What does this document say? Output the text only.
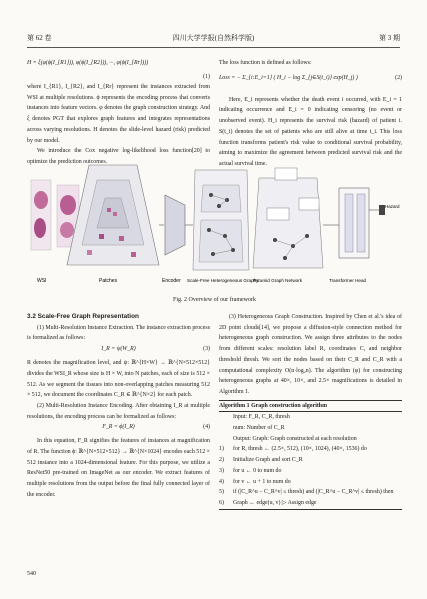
第 62 卷	四川大学学报(自然科学版)	第 3 期
H = ξ(φ(ϕ(I_{R1})), φ(ϕ(I_{R2})), ···, φ(ϕ(I_{Rr})))
(1)

where I_{R1}, I_{R2}, and I_{Rr} represent the instances extracted from WSI at multiple resolutions. ϕ represents the encoding process that converts instances into feature vectors. φ denotes the graph construction strategy. And ξ denotes PGT that explores graph features and integrates representations across varying resolutions. H denotes the slide-level hazard (risk) predicted by our model.

We introduce the Cox negative log-likelihood loss function[20] to optimize the prediction outcomes.

The loss function is defined as follows:

Loss = − Σ_{i:E_i=1} ( H_i − log Σ_{j∈S(t_i)} exp(H_j) )	(2)

Here, E_i represents whether the death event i occurred, with E_i = 1 indicating occurrence and E_i = 0 indicating censoring (no event or unobserved event). H_i represents the survival risk (hazard) of patient i. S(t_i) denotes the set of patients who are still alive at time t_i. This loss function transforms patient's risk value to conditional survival probability, aiming to maximize the agreement between predicted survival risk and the actual survival time.

WSI	Patches	Encoder Scale-Free Heterogeneous Graphs
Pyramid Graph Network	Transformer Head
Hazard
Fig. 2 Overview of our framework

3.2 Scale-Free Graph Representation

(1) Multi-Resolution Instance Extraction. The instance extraction process is formalized as follows:

I_R = ψ(W_R)	(3)

R denotes the magnification level, and ψ: ℝ^{H×W} → ℝ^{N×512×512} divides the WSI_R whose size is H × W, into N patches, each of size is 512 × 512. As we segment the tissues into non-overlapping patches measuring 512 × 512, we document the coordinates C_R ∈ ℝ^{N×2} for each patch.

(2) Multi-Resolution Instance Encoding. After obtaining I_R at multiple resolutions, the encoding process can be formalized as follows:

F_R = ϕ(I_R)	(4)

In this equation, F_R signifies the features of instances at magnification of R. The function ϕ: ℝ^{N×512×512} → ℝ^{N×1024} encodes each 512 × 512 instance into a 1024-dimensional feature. For this purpose, we utilize a ResNet50 pre-trained on ImageNet as our encoder. We extract features of multiple resolutions from the output before the final fully connected layer of the encoder.

(3) Heterogeneous Graph Construction. Inspired by Chen et al.'s idea of 2D point clouds[14], we propose a diffusion-style connection method for heterogeneous graph construction. We assign three attributes to the nodes from different scales: resolution label R, coordinates C, and neighbor threshold thresh. We sort the nodes based on their C_R and C_R with a computational complexity O(n·log₂n). The algorithm (φ) for constructing heterogeneous graphs at 40×, 10×, and 2.5× magnifications is detailed in Algorithm 1.

Algorithm 1 Graph construction algorithm
Input: F_R, C_R, thresh
num: Number of C_R
Output: Graph: Graph constructed at each resolution
1) for R, thresh ← (2.5×, 512), (10×, 1024), (40×, 1536) do
2) Initialize Graph and sort C_R
3) for u ← 0 to num do
4) for v ← u + 1 to num do
5) if (|C_R^u − C_R^v| ≤ thresh) and (|C_R^u − C_R^v| ≤ thresh) then
6) Graph ← edge(u, v) ▷ Assign edge
540
